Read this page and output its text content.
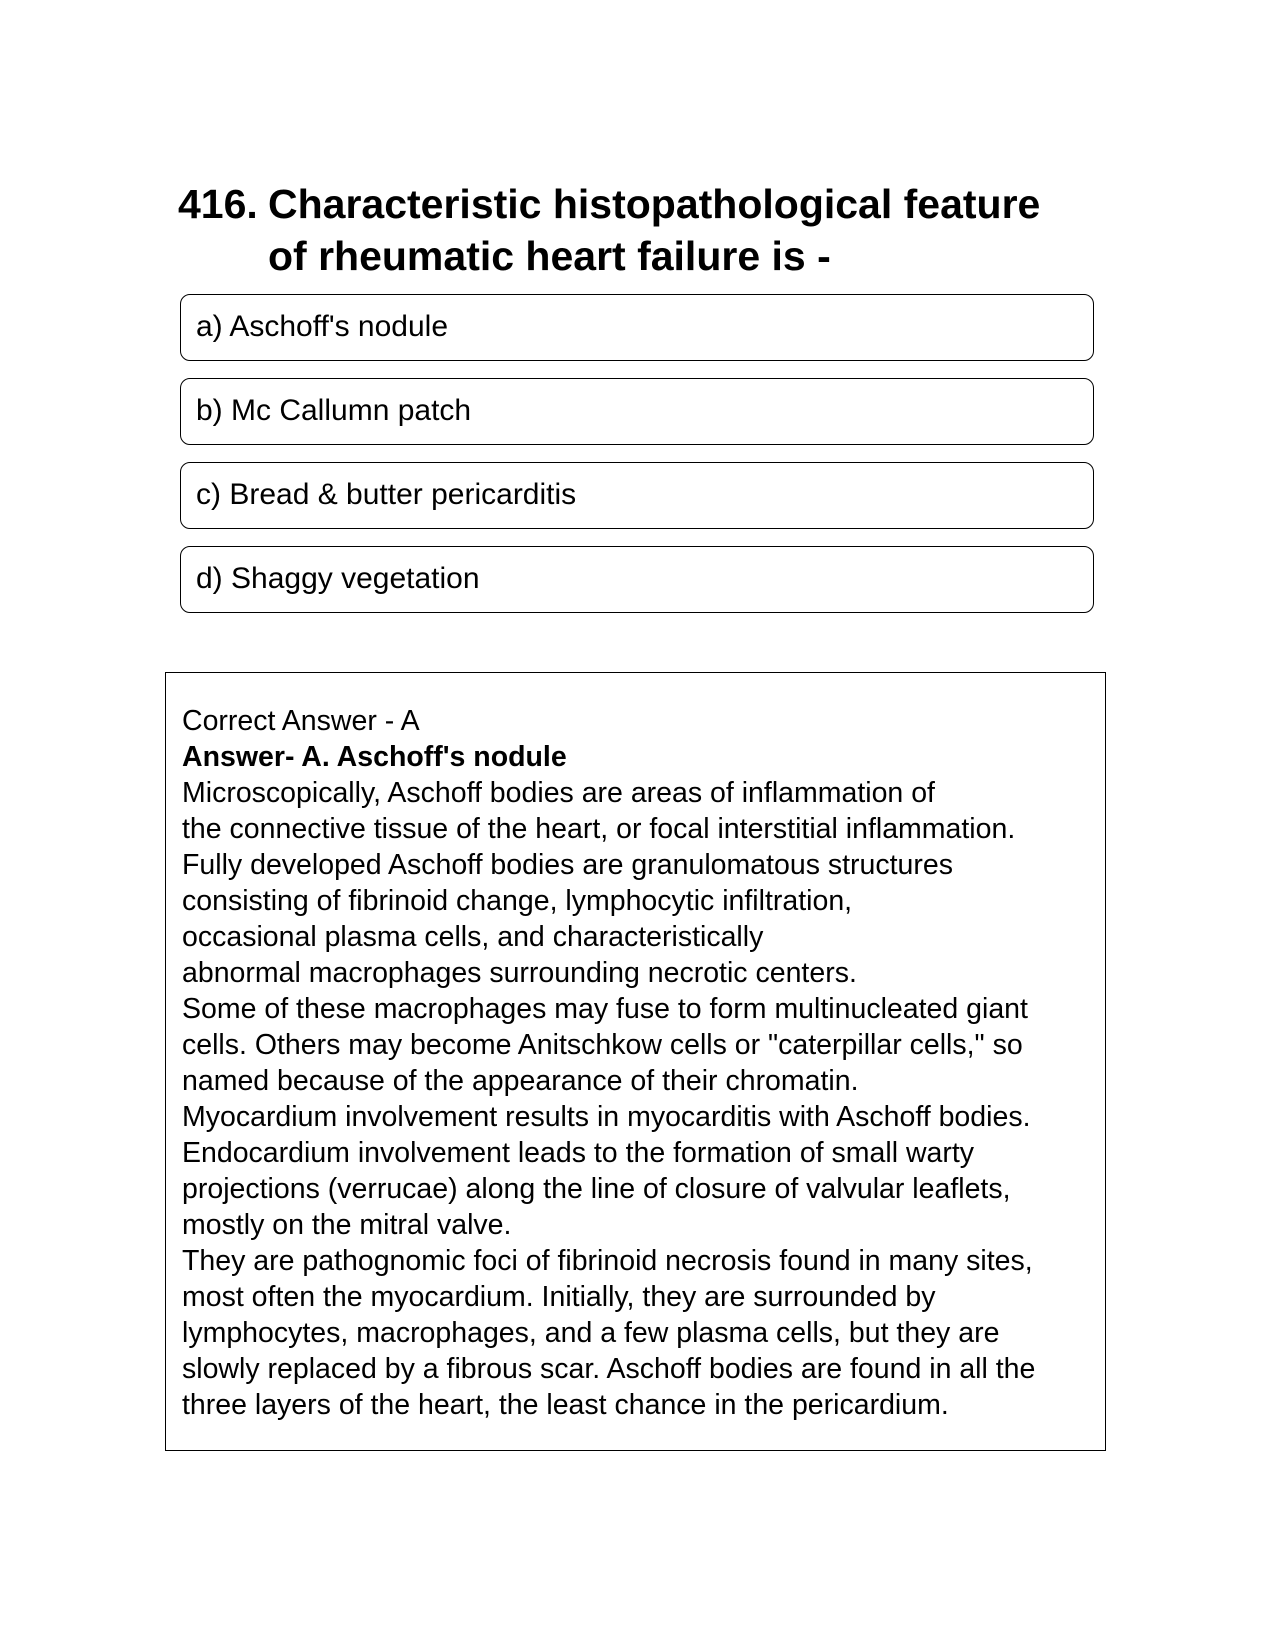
416. Characteristic histopathological feature
of rheumatic heart failure is -
a) Aschoff's nodule
b) Mc Callumn patch
c) Bread & butter pericarditis
d) Shaggy vegetation

Correct Answer - A

Answer- A. Aschoff's nodule

Microscopically, Aschoff bodies are areas of inflammation of

the connective tissue of the heart, or focal interstitial inflammation.

Fully developed Aschoff bodies are granulomatous structures

consisting of fibrinoid change, lymphocytic infiltration,

occasional plasma cells, and characteristically

abnormal macrophages surrounding necrotic centers.

Some of these macrophages may fuse to form multinucleated giant

cells. Others may become Anitschkow cells or "caterpillar cells," so

named because of the appearance of their chromatin.

Myocardium involvement results in myocarditis with Aschoff bodies.

Endocardium involvement leads to the formation of small warty

projections (verrucae) along the line of closure of valvular leaflets,

mostly on the mitral valve.

They are pathognomic foci of fibrinoid necrosis found in many sites,

most often the myocardium. Initially, they are surrounded by

lymphocytes, macrophages, and a few plasma cells, but they are

slowly replaced by a fibrous scar. Aschoff bodies are found in all the

three layers of the heart, the least chance in the pericardium.
